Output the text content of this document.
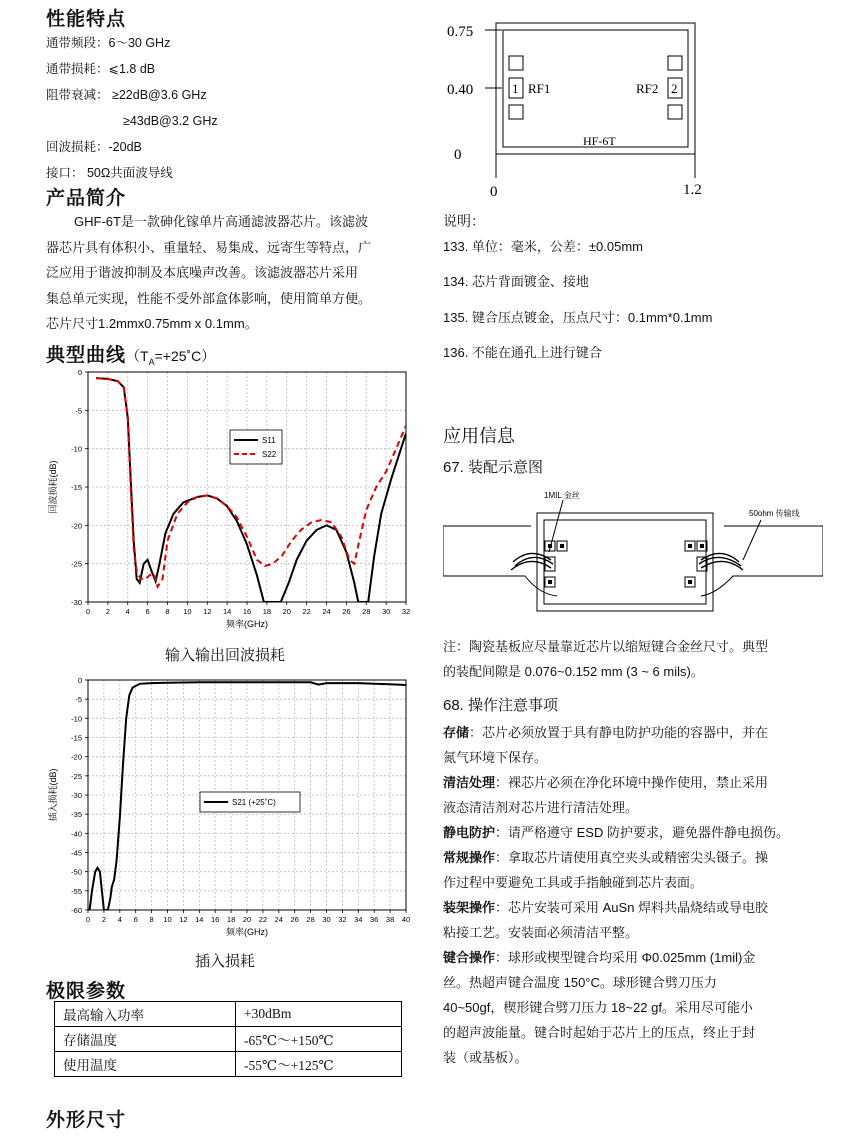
性能特点
通带频段：6～30 GHz
通带损耗：⩽1.8 dB
阻带衰减： ≥22dB@3.6 GHz
≥43dB@3.2 GHz
回波损耗：-20dB
接口： 50Ω共面波导线
产品简介
GHF-6T是一款砷化镓单片高通滤波器芯片。该滤波
器芯片具有体积小、重量轻、易集成、远寄生等特点，广
泛应用于谐波抑制及本底噪声改善。该滤波器芯片采用
集总单元实现，性能不受外部盒体影响，使用简单方便。
芯片尺寸1.2mmx0.75mm x 0.1mm。
典型曲线$(T_A=+25˚C)$
0 2 4 6 8 10 12 14 16 18 20 22 24 26 28 30 32
0
-5
-10
-15
-20
-25
-30
S11
S22
频率(GHz)
回波损耗(dB)
输入输出回波损耗
0 2 4 6 8 10 12 14 16 18 20 22 24 26 28 30 32 34 36 38 40
0
-5
-10
-15
-20
-25
-30
-35
-40
-45
-50
-55
-60
S21 (+25˚C)
频率(GHz)
插入损耗(dB)
插入损耗
极限参数
最高输入功率	+30dBm
存储温度	-65℃～+150℃
使用温度	-55℃～+125℃
外形尺寸
0.75
0.40
0
0	1.2
1	2
RF1	RF2
HF-6T
说明：
133. 单位：毫米，公差：±0.05mm
134. 芯片背面镀金、接地
135. 键合压点镀金，压点尺寸：0.1mm*0.1mm
136. 不能在通孔上进行键合
应用信息
67. 装配示意图
1MIL 金丝
50ohm 传输线
注：陶瓷基板应尽量靠近芯片以缩短键合金丝尺寸。典型
的装配间隙是 0.076~0.152 mm (3 ~ 6 mils)。
68. 操作注意事项
存储：芯片必须放置于具有静电防护功能的容器中，并在
氮气环境下保存。
清洁处理：裸芯片必须在净化环境中操作使用，禁止采用
液态清洁剂对芯片进行清洁处理。
静电防护：请严格遵守 ESD 防护要求，避免器件静电损伤。
常规操作：拿取芯片请使用真空夹头或精密尖头镊子。操
作过程中要避免工具或手指触碰到芯片表面。
装架操作：芯片安装可采用 AuSn 焊料共晶烧结或导电胶
粘接工艺。安装面必须清洁平整。
键合操作：球形或楔型键合均采用 Φ0.025mm (1mil)金
丝。热超声键合温度 150°C。球形键合劈刀压力
40~50gf，楔形键合劈刀压力 18~22 gf。采用尽可能小
的超声波能量。键合时起始于芯片上的压点，终止于封
装（或基板）。
